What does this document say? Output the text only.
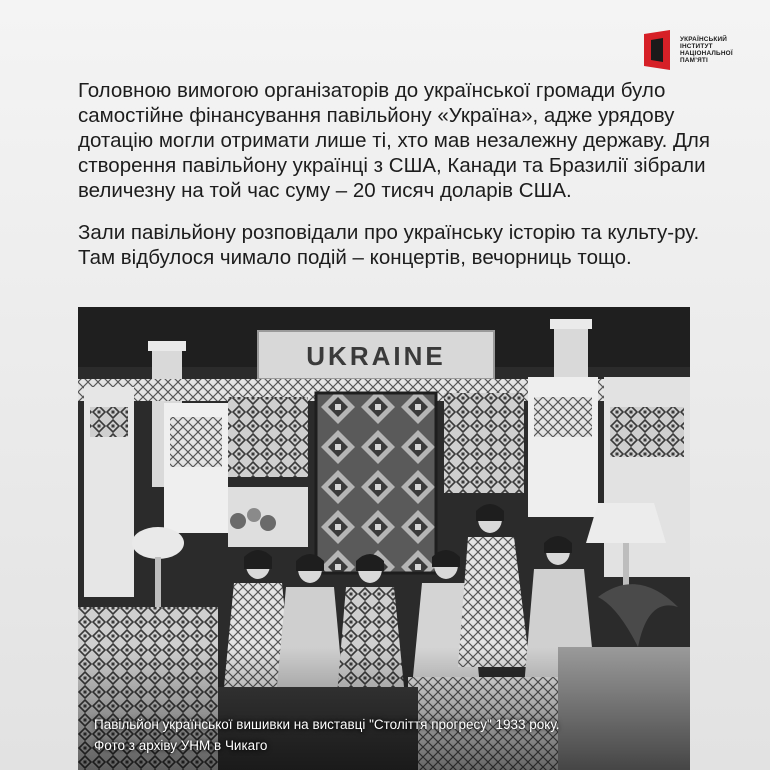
УКРАЇНСЬКИЙ
ІНСТИТУТ
НАЦІОНАЛЬНОЇ
ПАМ’ЯТІ

Головною вимогою організаторів до української громади було самостійне фінансування павільйону «Україна», адже урядову дотацію могли отримати лише ті, хто мав незалежну державу. Для створення павільйону українці з США, Канади та Бразилії зібрали величезну на той час суму – 20 тисяч доларів США.

Зали павільйону розповідали про українську історію та культу-ру. Там відбулося чимало подій – концертів, вечорниць тощо.

UKRAINE
Павільйон української вишивки на виставці "Століття прогресу" 1933 року.
Фото з архіву УНМ в Чикаго
